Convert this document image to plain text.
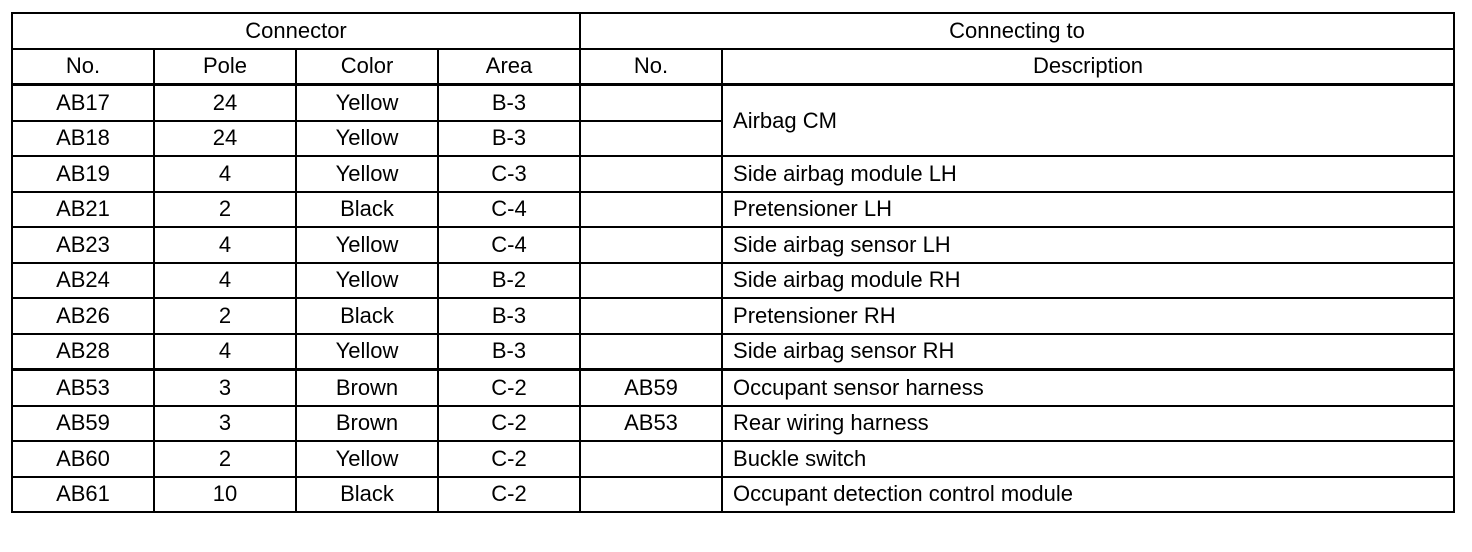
Connector				Connecting to	
No.	Pole	Color	Area	No.	Description
AB17	24	Yellow	B-3		Airbag CM
AB18	24	Yellow	B-3		
AB19	4	Yellow	C-3		Side airbag module LH
AB21	2	Black	C-4		Pretensioner LH
AB23	4	Yellow	C-4		Side airbag sensor LH
AB24	4	Yellow	B-2		Side airbag module RH
AB26	2	Black	B-3		Pretensioner RH
AB28	4	Yellow	B-3		Side airbag sensor RH
AB53	3	Brown	C-2	AB59	Occupant sensor harness
AB59	3	Brown	C-2	AB53	Rear wiring harness
AB60	2	Yellow	C-2		Buckle switch
AB61	10	Black	C-2		Occupant detection control module
